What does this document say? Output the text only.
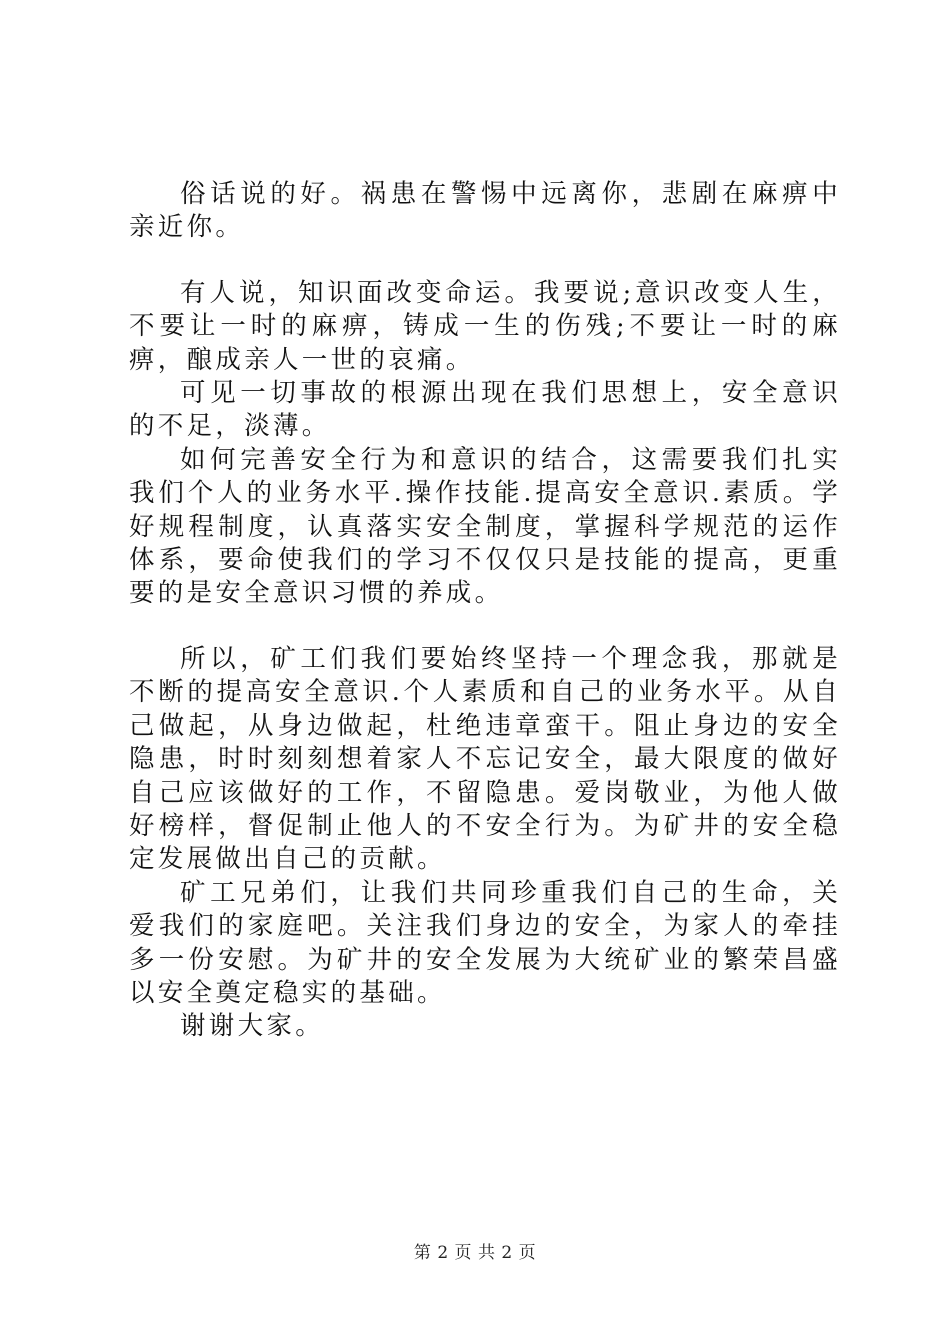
俗话说的好。祸患在警惕中远离你，悲剧在麻痹中亲近你。

有人说，知识面改变命运。我要说;意识改变人生，不要让一时的麻痹，铸成一生的伤残;不要让一时的麻痹，酿成亲人一世的哀痛。

可见一切事故的根源出现在我们思想上，安全意识的不足，淡薄。

如何完善安全行为和意识的结合，这需要我们扎实我们个人的业务水平.操作技能.提高安全意识.素质。学好规程制度，认真落实安全制度，掌握科学规范的运作体系，要命使我们的学习不仅仅只是技能的提高，更重要的是安全意识习惯的养成。

所以，矿工们我们要始终坚持一个理念我，那就是不断的提高安全意识.个人素质和自己的业务水平。从自己做起，从身边做起，杜绝违章蛮干。阻止身边的安全隐患，时时刻刻想着家人不忘记安全，最大限度的做好自己应该做好的工作，不留隐患。爱岗敬业，为他人做好榜样，督促制止他人的不安全行为。为矿井的安全稳定发展做出自己的贡献。

矿工兄弟们，让我们共同珍重我们自己的生命，关爱我们的家庭吧。关注我们身边的安全，为家人的牵挂多一份安慰。为矿井的安全发展为大统矿业的繁荣昌盛以安全奠定稳实的基础。

谢谢大家。

第 2 页 共 2 页
